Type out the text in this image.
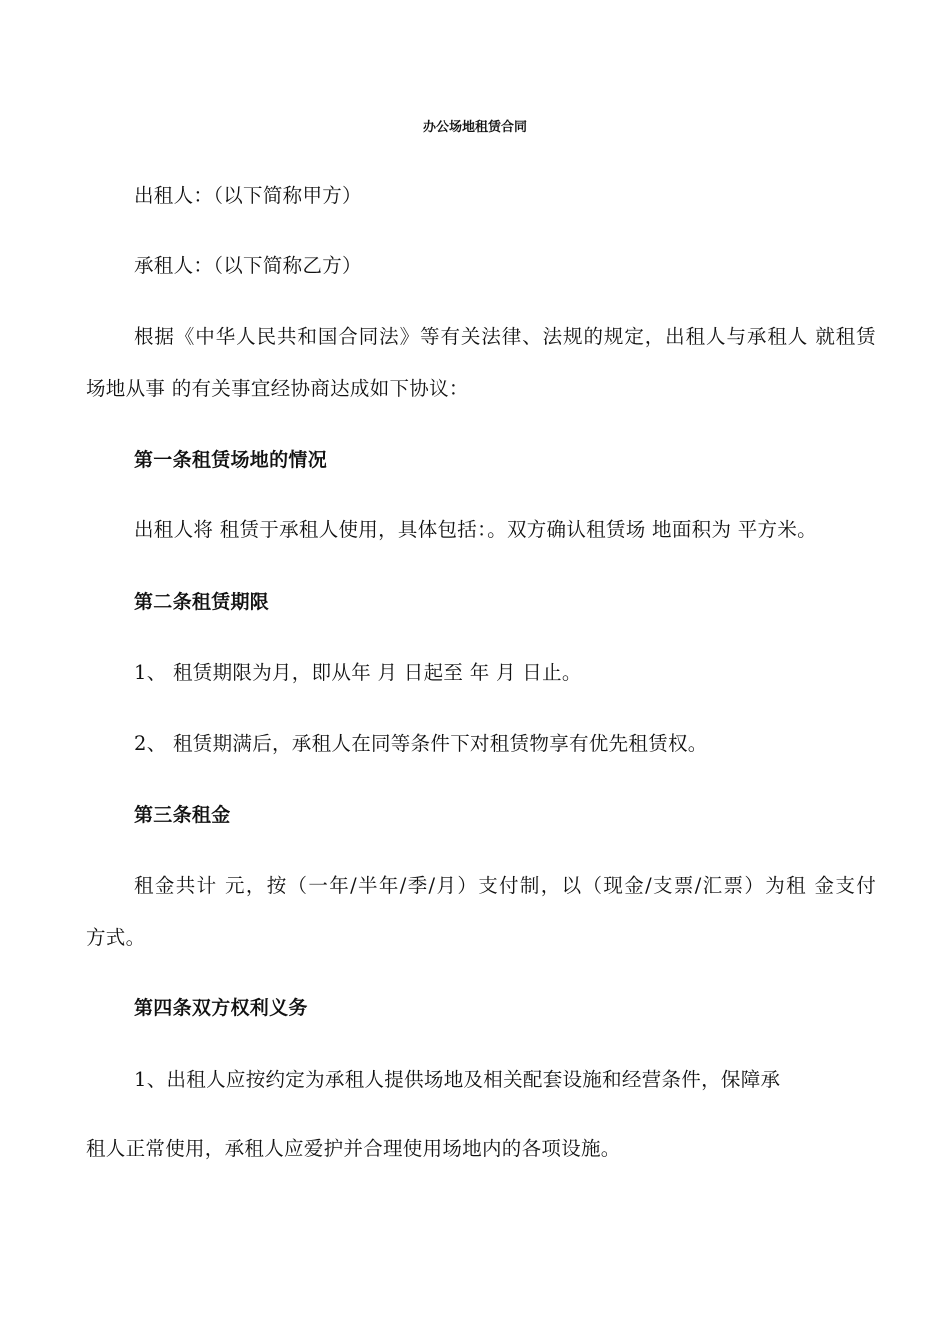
办公场地租赁合同
出租人：（以下简称甲方）
承租人：（以下简称乙方）
根据《中华人民共和国合同法》等有关法律、法规的规定，出租人与承租人 就租赁
场地从事 的有关事宜经协商达成如下协议：
第一条租赁场地的情况
出租人将 租赁于承租人使用，具体包括：。双方确认租赁场 地面积为 平方米。
第二条租赁期限
1、 租赁期限为月，即从年 月 日起至 年 月 日止。
2、 租赁期满后，承租人在同等条件下对租赁物享有优先租赁权。
第三条租金
租金共计 元，按（一年/半年/季/月）支付制，以（现金/支票/汇票）为租 金支付
方式。
第四条双方权利义务
1、出租人应按约定为承租人提供场地及相关配套设施和经营条件，保障承
租人正常使用，承租人应爱护并合理使用场地内的各项设施。
